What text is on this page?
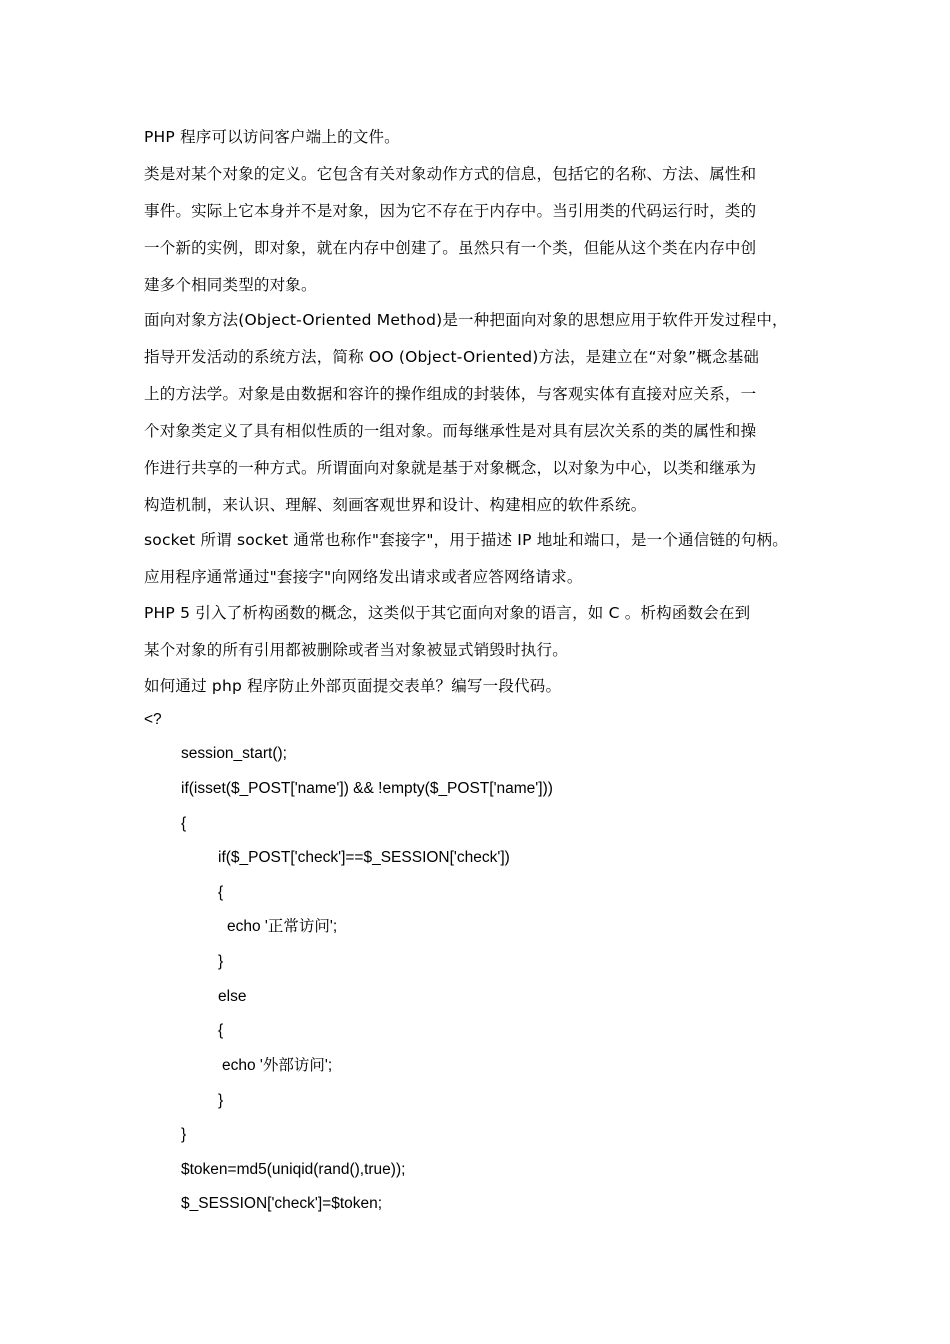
PHP 程序可以访问客户端上的文件。
类是对某个对象的定义。它包含有关对象动作方式的信息，包括它的名称、方法、属性和
事件。实际上它本身并不是对象，因为它不存在于内存中。当引用类的代码运行时，类的
一个新的实例，即对象，就在内存中创建了。虽然只有一个类，但能从这个类在内存中创
建多个相同类型的对象。
面向对象方法(Object-Oriented Method)是一种把面向对象的思想应用于软件开发过程中，
指导开发活动的系统方法，简称 OO (Object-Oriented)方法，是建立在“对象”概念基础
上的方法学。对象是由数据和容许的操作组成的封装体，与客观实体有直接对应关系，一
个对象类定义了具有相似性质的一组对象。而每继承性是对具有层次关系的类的属性和操
作进行共享的一种方式。所谓面向对象就是基于对象概念，以对象为中心，以类和继承为
构造机制，来认识、理解、刻画客观世界和设计、构建相应的软件系统。
socket 所谓 socket 通常也称作"套接字"，用于描述 IP 地址和端口，是一个通信链的句柄。
应用程序通常通过"套接字"向网络发出请求或者应答网络请求。
PHP 5 引入了析构函数的概念，这类似于其它面向对象的语言，如 C 。析构函数会在到
某个对象的所有引用都被删除或者当对象被显式销毁时执行。
如何通过 php 程序防止外部页面提交表单？编写一段代码。
<?
session_start();
if(isset($_POST['name']) && !empty($_POST['name']))
{
if($_POST['check']==$_SESSION['check'])
{
echo '正常访问';
}
else
{
echo '外部访问';
}
}
$token=md5(uniqid(rand(),true));
$_SESSION['check']=$token;
